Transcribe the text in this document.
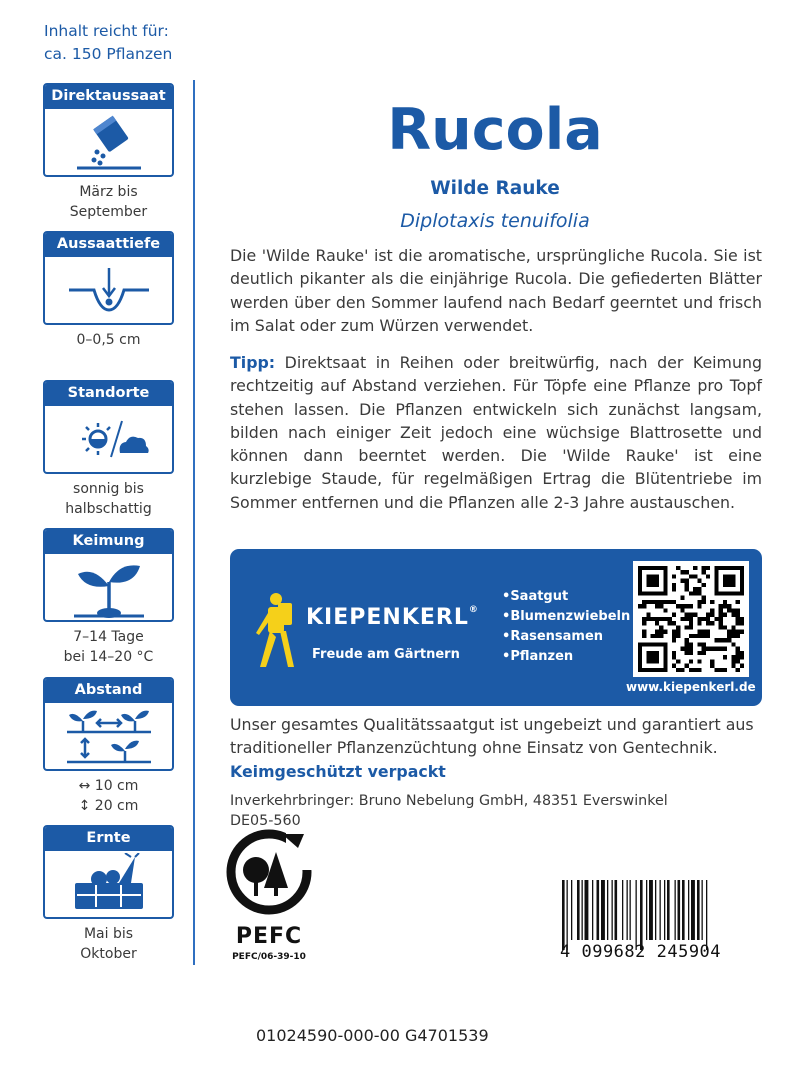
Inhalt reicht für:
ca. 150 Pflanzen
Direktaussaat
März bis
September
Aussaattiefe
0–0,5 cm
Standorte
sonnig bis
halbschattig
Keimung
7–14 Tage
bei 14–20 °C
Abstand
↔ 10 cm
↕ 20 cm
Ernte
Mai bis
Oktober
Rucola
Wilde Rauke
Diplotaxis tenuifolia
Die 'Wilde Rauke' ist die aromatische, ursprüngliche Rucola. Sie ist deutlich pikanter als die einjährige Rucola. Die gefiederten Blätter werden über den Sommer laufend nach Bedarf geerntet und frisch im Salat oder zum Würzen verwendet.
Tipp: Direktsaat in Reihen oder breitwürfig, nach der Keimung rechtzeitig auf Abstand verziehen. Für Töpfe eine Pflanze pro Topf stehen lassen. Die Pflanzen entwickeln sich zunächst langsam, bilden nach einiger Zeit jedoch eine wüchsige Blattrosette und können dann beerntet werden. Die 'Wilde Rauke' ist eine kurzlebige Staude, für regelmäßigen Ertrag die Blütentriebe im Sommer entfernen und die Pflanzen alle 2-3 Jahre austauschen.
KIEPENKERL®
Freude am Gärtnern
• Saatgut
• Blumenzwiebeln
• Rasensamen
• Pflanzen
www.kiepenkerl.de
Unser gesamtes Qualitätssaatgut ist ungebeizt und garantiert aus traditioneller Pflanzenzüchtung ohne Einsatz von Gentechnik.
Keimgeschützt verpackt
Inverkehrbringer: Bruno Nebelung GmbH, 48351 Everswinkel
DE05-560
PEFC
PEFC/06-39-10	4 099682 245904
01024590-000-00 G4701539
